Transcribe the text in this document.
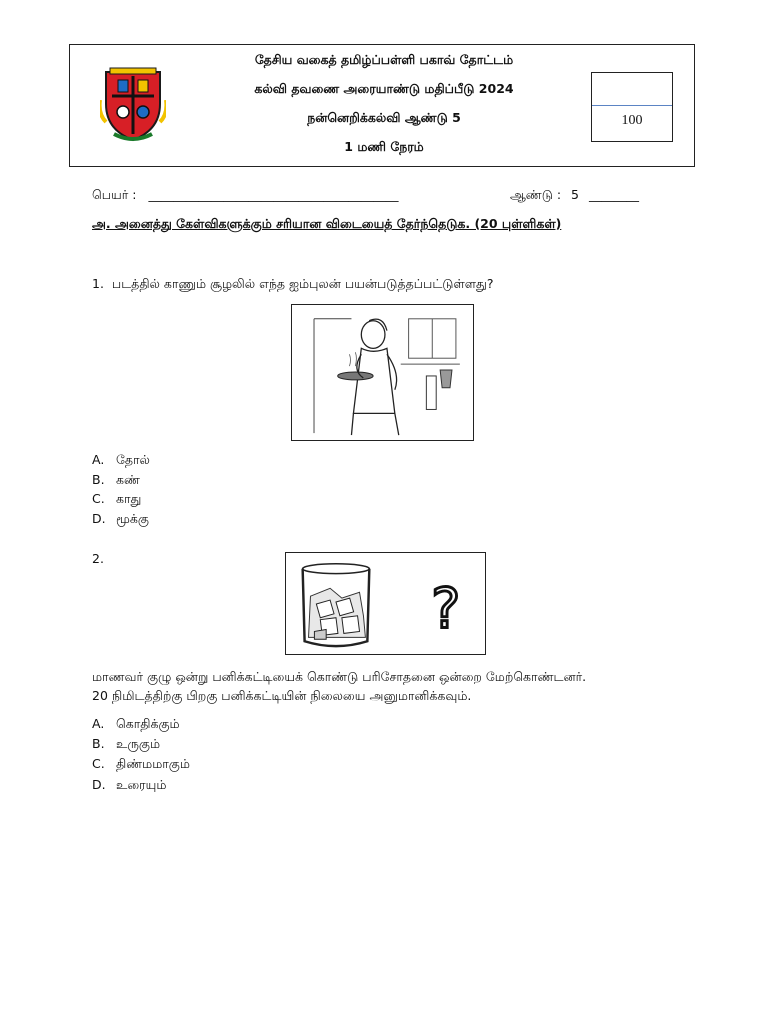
தேசிய வகைத் தமிழ்ப்பள்ளி பகாவ் தோட்டம்
கல்வி தவணை அரையாண்டு மதிப்பீடு 2024
நன்னெறிக்கல்வி ஆண்டு 5
1 மணி நேரம்
100
பெயர் : ________________________________________	ஆண்டு : 5 ________
அ. அனைத்து கேள்விகளுக்கும் சரியான விடையைத் தேர்ந்தெடுக. (20 புள்ளிகள்)
1. படத்தில் காணும் சூழலில் எந்த ஐம்புலன் பயன்படுத்தப்பட்டுள்ளது?
A. தோல்
B. கண்
C. காது
D. மூக்கு
2.
?
மாணவர் குழு ஒன்று பனிக்கட்டியைக் கொண்டு பரிசோதனை ஒன்றை மேற்கொண்டனர்.
20 நிமிடத்திற்கு பிறகு பனிக்கட்டியின் நிலையை அனுமானிக்கவும்.
A. கொதிக்கும்
B. உருகும்
C. திண்மமாகும்
D. உரையும்
